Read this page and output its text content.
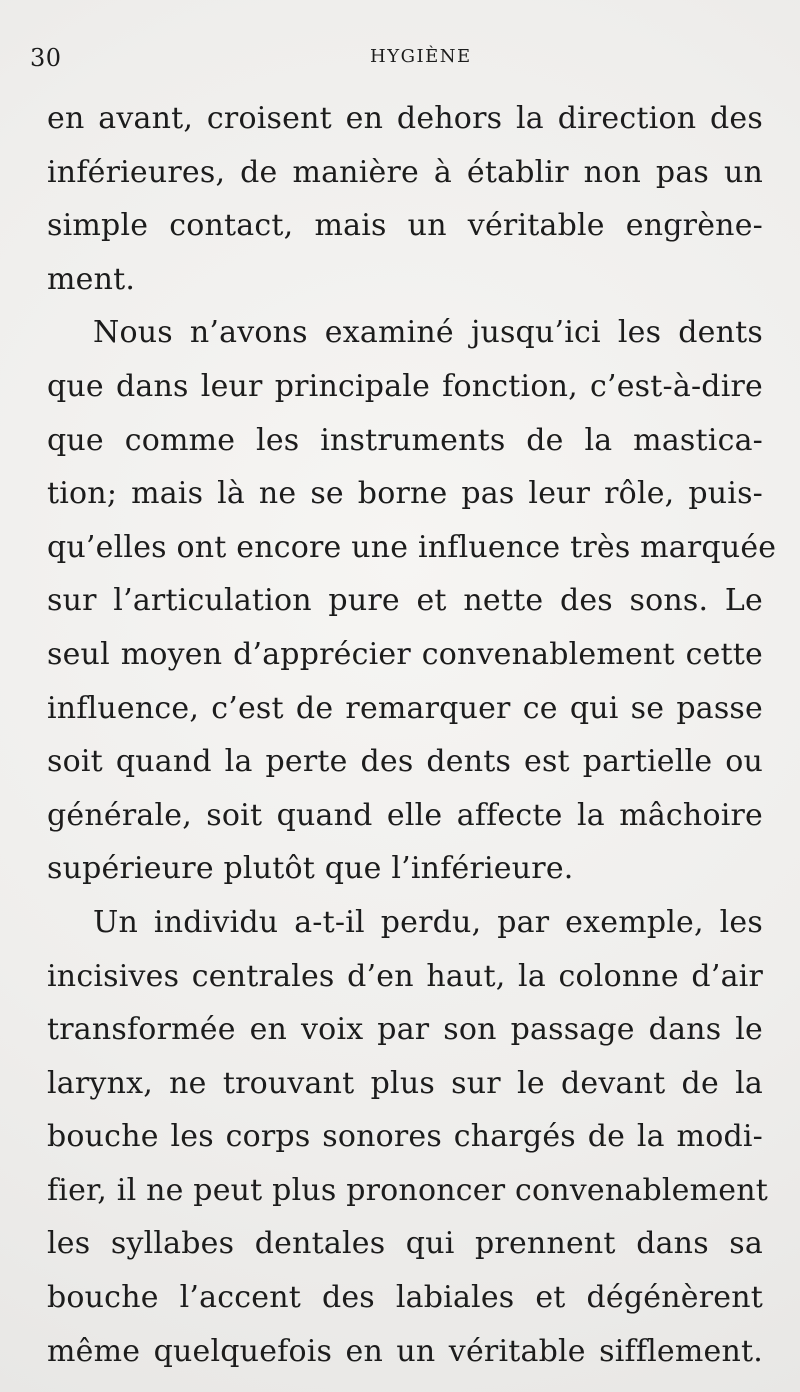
30	HYGIÈNE
en avant, croisent en dehors la direction des
inférieures, de manière à établir non pas un
simple contact, mais un véritable engrène-
ment.
Nous n’avons examiné jusqu’ici les dents
que dans leur principale fonction, c’est-à-dire
que comme les instruments de la mastica-
tion; mais là ne se borne pas leur rôle, puis-
qu’elles ont encore une influence très marquée
sur l’articulation pure et nette des sons. Le
seul moyen d’apprécier convenablement cette
influence, c’est de remarquer ce qui se passe
soit quand la perte des dents est partielle ou
générale, soit quand elle affecte la mâchoire
supérieure plutôt que l’inférieure.
Un individu a-t-il perdu, par exemple, les
incisives centrales d’en haut, la colonne d’air
transformée en voix par son passage dans le
larynx, ne trouvant plus sur le devant de la
bouche les corps sonores chargés de la modi-
fier, il ne peut plus prononcer convenablement
les syllabes dentales qui prennent dans sa
bouche l’accent des labiales et dégénèrent
même quelquefois en un véritable sifflement.
